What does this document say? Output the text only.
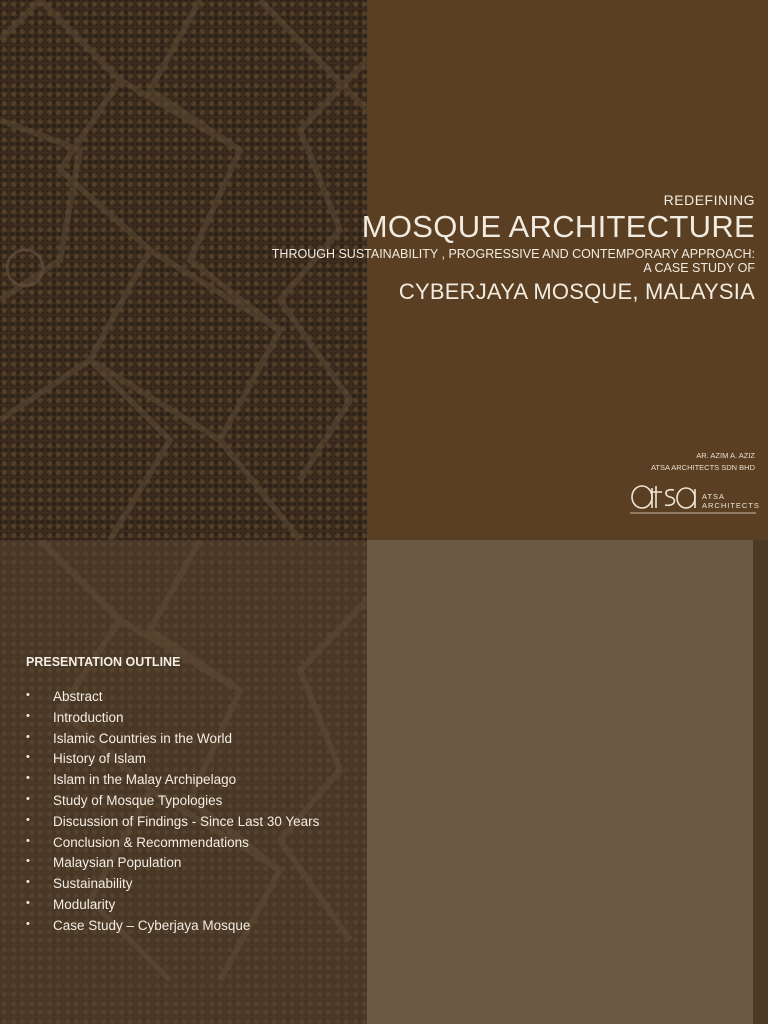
REDEFINING
MOSQUE ARCHITECTURE
THROUGH SUSTAINABILITY , PROGRESSIVE AND CONTEMPORARY APPROACH:
A CASE STUDY OF
CYBERJAYA MOSQUE, MALAYSIA
AR. AZIM A. AZIZ
ATSA ARCHITECTS SDN BHD
ATSA
ARCHITECTS
PRESENTATION OUTLINE
• Abstract
• Introduction
• Islamic Countries in the World
• History of Islam
• Islam in the Malay Archipelago
• Study of Mosque Typologies
• Discussion of Findings - Since Last 30 Years
• Conclusion & Recommendations
• Malaysian Population
• Sustainability
• Modularity
• Case Study – Cyberjaya Mosque
